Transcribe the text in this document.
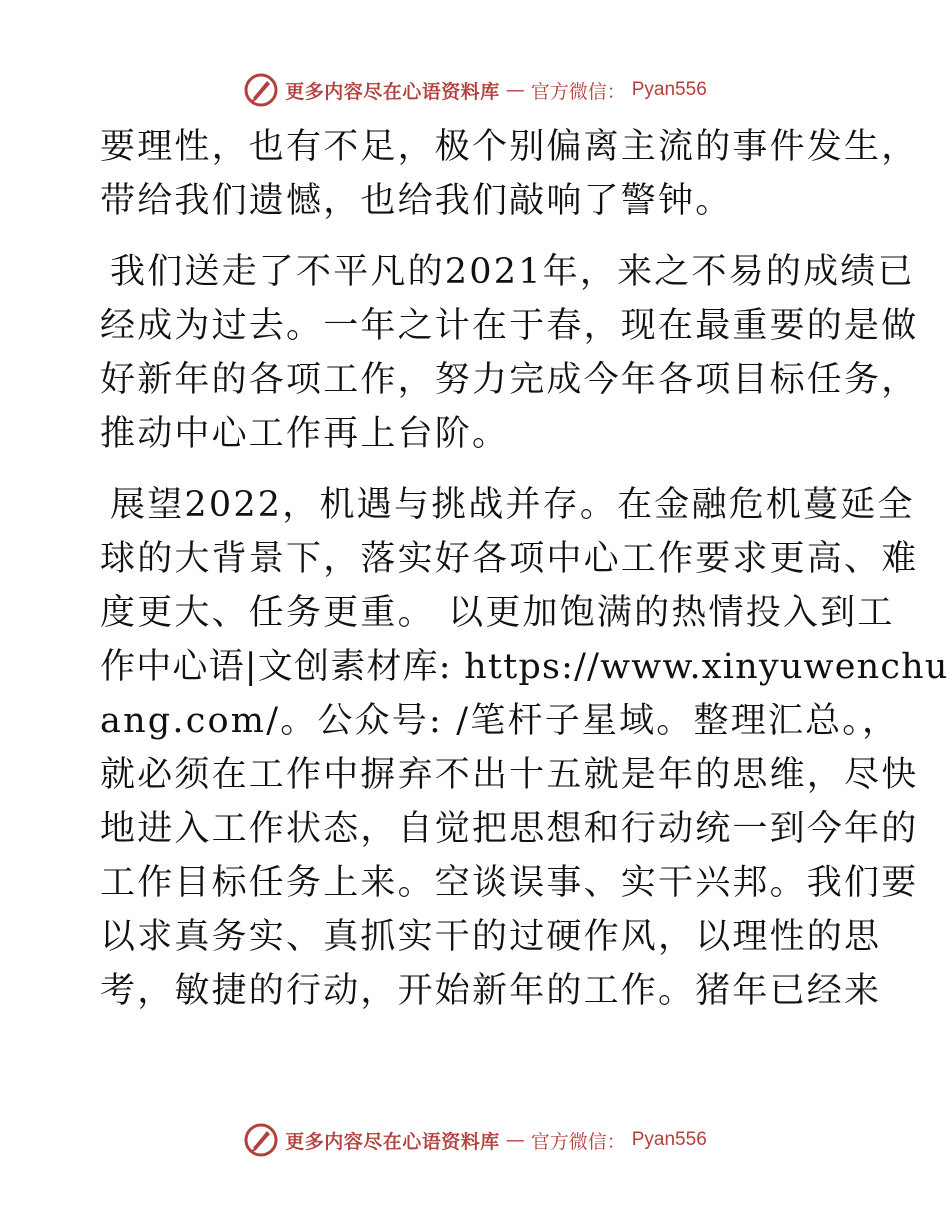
更多内容尽在心语资料库 — 官方微信： Pyan556
要理性，也有不足，极个别偏离主流的事件发生，
带给我们遗憾，也给我们敲响了警钟。
我们送走了不平凡的2021年，来之不易的成绩已
经成为过去。一年之计在于春，现在最重要的是做
好新年的各项工作，努力完成今年各项目标任务，
推动中心工作再上台阶。
展望2022，机遇与挑战并存。在金融危机蔓延全
球的大背景下，落实好各项中心工作要求更高、难
度更大、任务更重。 以更加饱满的热情投入到工
作中心语|文创素材库: https://www.xinyuwenchu
ang.com/。公众号: /笔杆子星域。整理汇总。，
就必须在工作中摒弃不出十五就是年的思维，尽快
地进入工作状态，自觉把思想和行动统一到今年的
工作目标任务上来。空谈误事、实干兴邦。我们要
以求真务实、真抓实干的过硬作风，以理性的思
考，敏捷的行动，开始新年的工作。猪年已经来
更多内容尽在心语资料库 — 官方微信： Pyan556
